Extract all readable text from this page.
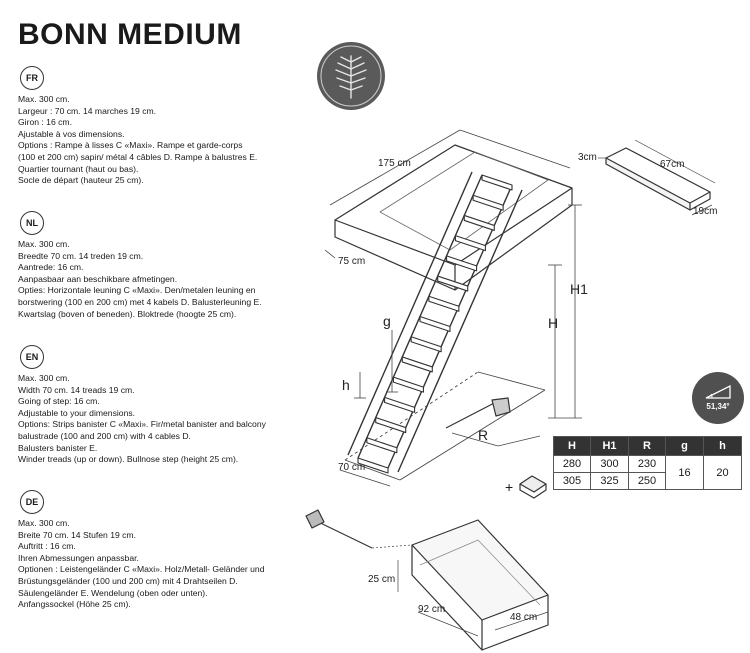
BONN MEDIUM
FR
Max. 300 cm.
Largeur : 70 cm. 14 marches 19 cm.
Giron : 16 cm.
Ajustable à vos dimensions.
Options : Rampe à lisses C «Maxi». Rampe et garde-corps
(100 et 200 cm) sapin/ métal 4 câbles D. Rampe à balustres E.
Quartier tournant (haut ou bas).
Socle de départ (hauteur 25 cm).
NL
Max. 300 cm.
Breedte 70 cm. 14 treden 19 cm.
Aantrede: 16 cm.
Aanpasbaar aan beschikbare afmetingen.
Opties: Horizontale leuning C «Maxi». Den/metalen leuning en
borstwering (100 en 200 cm) met 4 kabels D. Balusterleuning E.
Kwartslag (boven of beneden). Bloktrede (hoogte 25 cm).
EN
Max. 300 cm.
Width 70 cm. 14 treads 19 cm.
Going of step: 16 cm.
Adjustable to your dimensions.
Options: Strips banister C «Maxi». Fir/metal banister and balcony
balustrade (100 and 200 cm) with 4 cables D.
Balusters banister E.
Winder treads (up or down). Bullnose step (height 25 cm).
DE
Max. 300 cm.
Breite 70 cm. 14 Stufen 19 cm.
Auftritt : 16 cm.
Ihren Abmessungen anpassbar.
Optionen : Leistengeländer C «Maxi». Holz/Metall- Geländer und
Brüstungsgeländer (100 und 200 cm) mit 4 Drahtseilen D.
Säulengeländer E. Wendelung (oben oder unten).
Anfangssockel (Höhe 25 cm).
175 cm
75 cm
70 cm
H
H1
R
g
h
3cm
67cm
19cm
25 cm
92 cm
48 cm
51,34°
+
H	H1	R	g	h
280	300	230	16	20
305	325	250		
